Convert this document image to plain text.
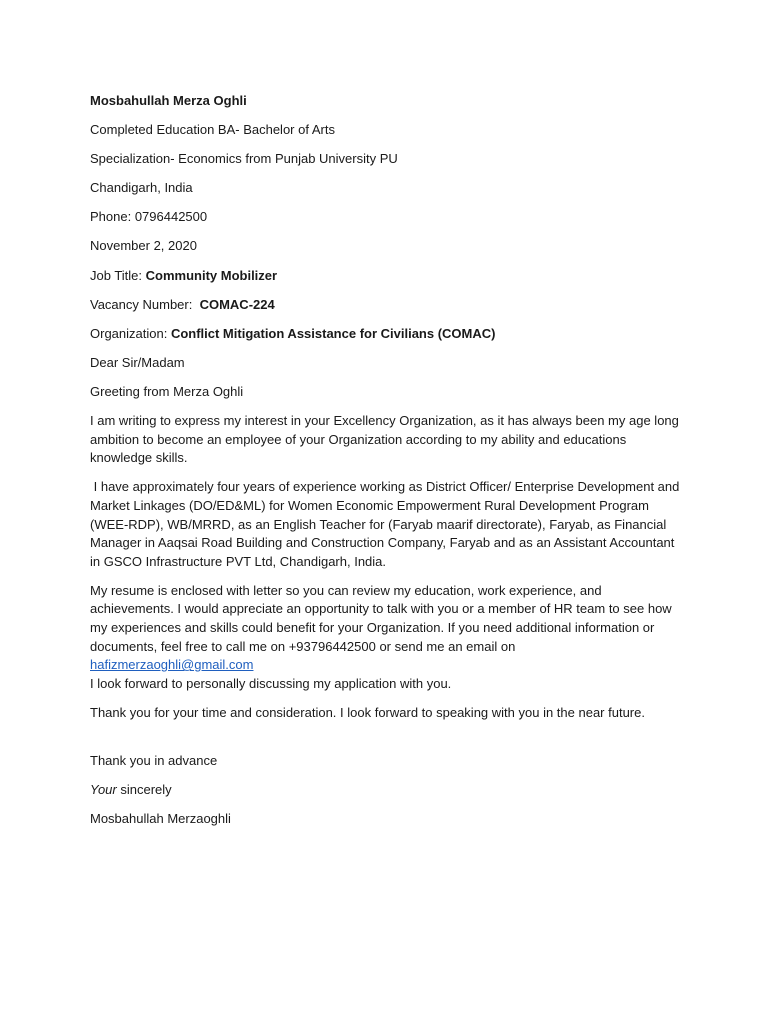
Mosbahullah Merza Oghli

Completed Education BA- Bachelor of Arts

Specialization- Economics from Punjab University PU

Chandigarh, India

Phone: 0796442500

November 2, 2020

Job Title: Community Mobilizer

Vacancy Number:  COMAC-224

Organization: Conflict Mitigation Assistance for Civilians (COMAC)

Dear Sir/Madam

Greeting from Merza Oghli

I am writing to express my interest in your Excellency Organization, as it has always been my age long ambition to become an employee of your Organization according to my ability and educations knowledge skills.

I have approximately four years of experience working as District Officer/ Enterprise Development and Market Linkages (DO/ED&ML) for Women Economic Empowerment Rural Development Program (WEE-RDP), WB/MRRD, as an English Teacher for (Faryab maarif directorate), Faryab, as Financial Manager in Aaqsai Road Building and Construction Company, Faryab and as an Assistant Accountant in GSCO Infrastructure PVT Ltd, Chandigarh, India.

My resume is enclosed with letter so you can review my education, work experience, and achievements. I would appreciate an opportunity to talk with you or a member of HR team to see how my experiences and skills could benefit for your Organization. If you need additional information or documents, feel free to call me on +93796442500 or send me an email on hafizmerzaoghli@gmail.com
I look forward to personally discussing my application with you.

Thank you for your time and consideration. I look forward to speaking with you in the near future.

Thank you in advance

Your sincerely

Mosbahullah Merzaoghli
